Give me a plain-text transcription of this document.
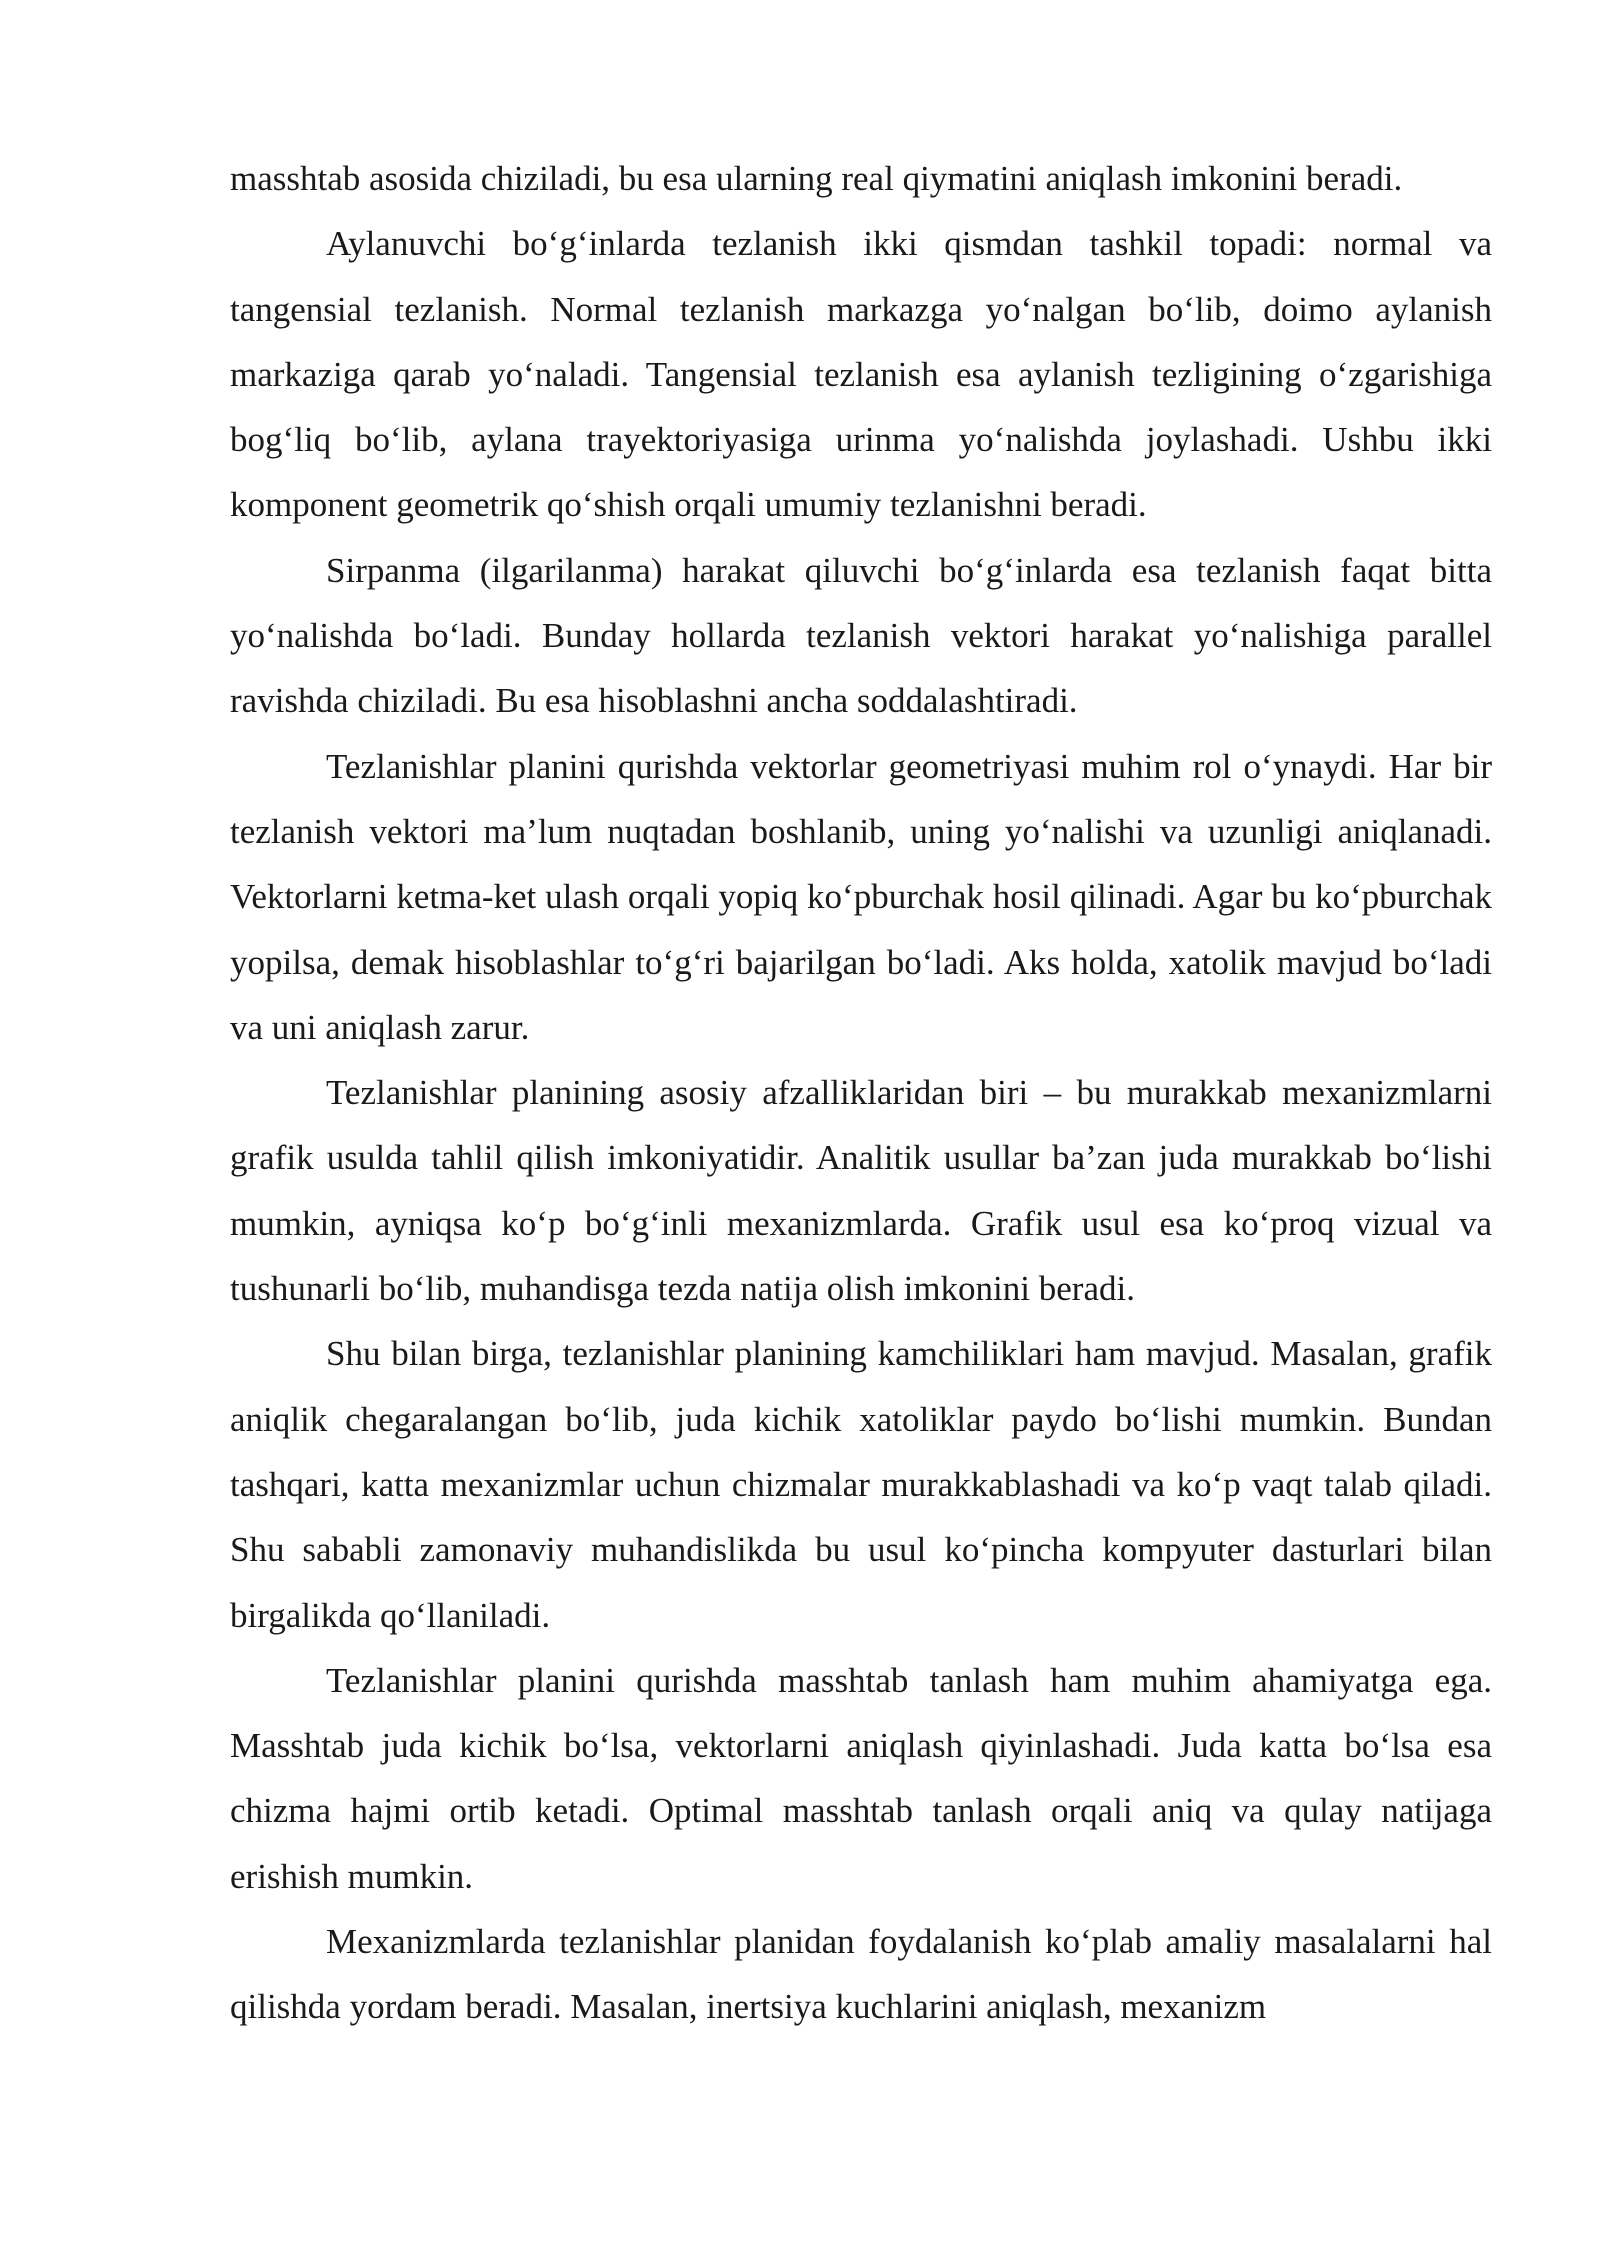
masshtab asosida chiziladi, bu esa ularning real qiymatini aniqlash imkonini beradi.

Aylanuvchi bo‘g‘inlarda tezlanish ikki qismdan tashkil topadi: normal va tangensial tezlanish. Normal tezlanish markazga yo‘nalgan bo‘lib, doimo aylanish markaziga qarab yo‘naladi. Tangensial tezlanish esa aylanish tezligining o‘zgarishiga bog‘liq bo‘lib, aylana trayektoriyasiga urinma yo‘nalishda joylashadi. Ushbu ikki komponent geometrik qo‘shish orqali umumiy tezlanishni beradi.

Sirpanma (ilgarilanma) harakat qiluvchi bo‘g‘inlarda esa tezlanish faqat bitta yo‘nalishda bo‘ladi. Bunday hollarda tezlanish vektori harakat yo‘nalishiga parallel ravishda chiziladi. Bu esa hisoblashni ancha soddalashtiradi.

Tezlanishlar planini qurishda vektorlar geometriyasi muhim rol o‘ynaydi. Har bir tezlanish vektori ma’lum nuqtadan boshlanib, uning yo‘nalishi va uzunligi aniqlanadi. Vektorlarni ketma-ket ulash orqali yopiq ko‘pburchak hosil qilinadi. Agar bu ko‘pburchak yopilsa, demak hisoblashlar to‘g‘ri bajarilgan bo‘ladi. Aks holda, xatolik mavjud bo‘ladi va uni aniqlash zarur.

Tezlanishlar planining asosiy afzalliklaridan biri – bu murakkab mexanizmlarni grafik usulda tahlil qilish imkoniyatidir. Analitik usullar ba’zan juda murakkab bo‘lishi mumkin, ayniqsa ko‘p bo‘g‘inli mexanizmlarda. Grafik usul esa ko‘proq vizual va tushunarli bo‘lib, muhandisga tezda natija olish imkonini beradi.

Shu bilan birga, tezlanishlar planining kamchiliklari ham mavjud. Masalan, grafik aniqlik chegaralangan bo‘lib, juda kichik xatoliklar paydo bo‘lishi mumkin. Bundan tashqari, katta mexanizmlar uchun chizmalar murakkablashadi va ko‘p vaqt talab qiladi. Shu sababli zamonaviy muhandislikda bu usul ko‘pincha kompyuter dasturlari bilan birgalikda qo‘llaniladi.

Tezlanishlar planini qurishda masshtab tanlash ham muhim ahamiyatga ega. Masshtab juda kichik bo‘lsa, vektorlarni aniqlash qiyinlashadi. Juda katta bo‘lsa esa chizma hajmi ortib ketadi. Optimal masshtab tanlash orqali aniq va qulay natijaga erishish mumkin.

Mexanizmlarda tezlanishlar planidan foydalanish ko‘plab amaliy masalalarni hal qilishda yordam beradi. Masalan, inertsiya kuchlarini aniqlash, mexanizm
